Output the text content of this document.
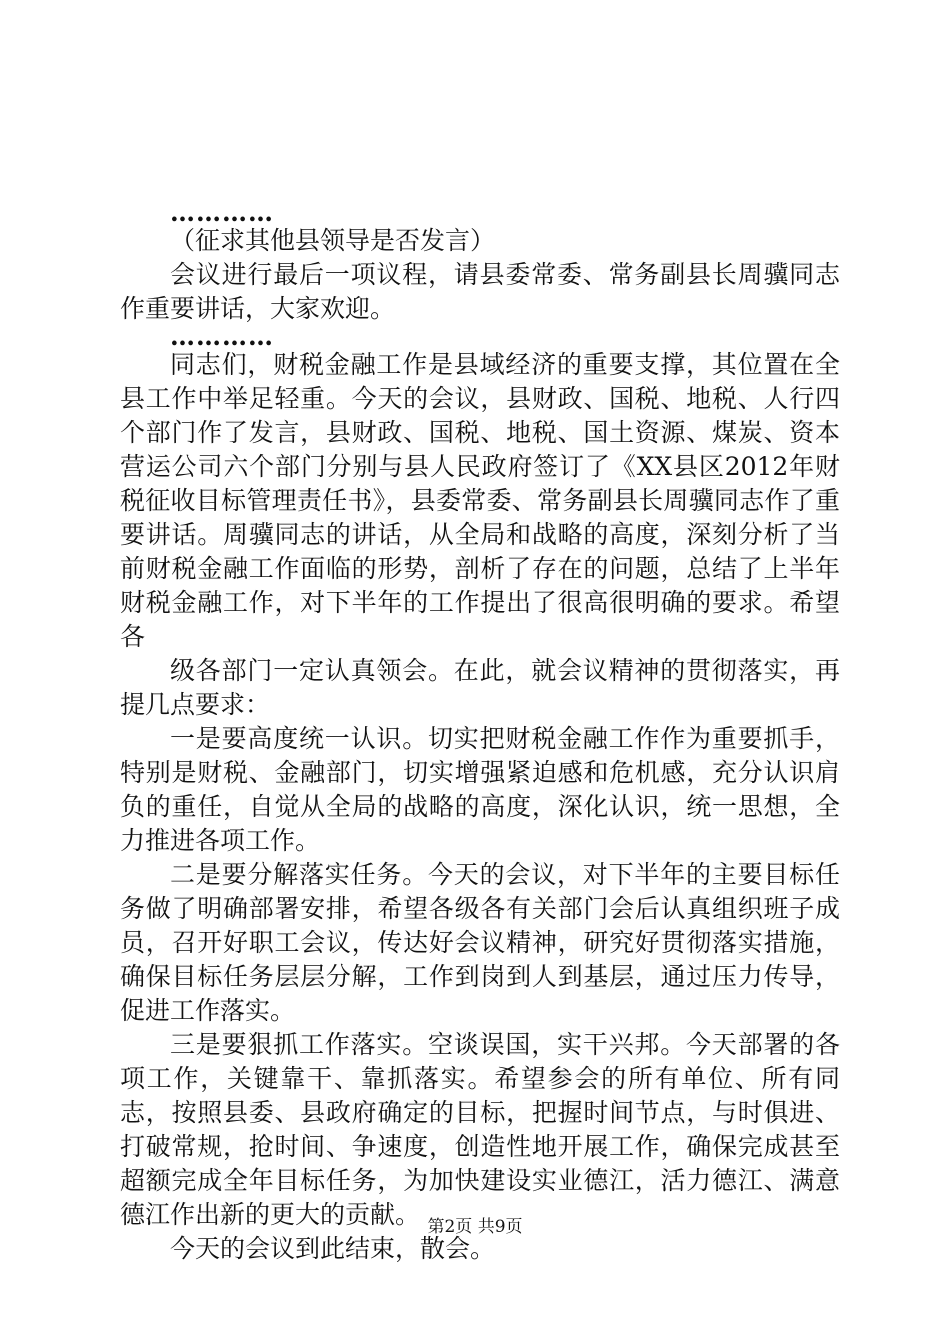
…………

（征求其他县领导是否发言）

会议进行最后一项议程，请县委常委、常务副县长周骥同志作重要讲话，大家欢迎。

…………

同志们，财税金融工作是县域经济的重要支撑，其位置在全县工作中举足轻重。今天的会议，县财政、国税、地税、人行四个部门作了发言，县财政、国税、地税、国土资源、煤炭、资本营运公司六个部门分别与县人民政府签订了《XX县区2012年财税征收目标管理责任书》，县委常委、常务副县长周骥同志作了重要讲话。周骥同志的讲话，从全局和战略的高度，深刻分析了当前财税金融工作面临的形势，剖析了存在的问题，总结了上半年财税金融工作，对下半年的工作提出了很高很明确的要求。希望各

级各部门一定认真领会。在此，就会议精神的贯彻落实，再提几点要求：

一是要高度统一认识。切实把财税金融工作作为重要抓手，特别是财税、金融部门，切实增强紧迫感和危机感，充分认识肩负的重任，自觉从全局的战略的高度，深化认识，统一思想，全力推进各项工作。

二是要分解落实任务。今天的会议，对下半年的主要目标任务做了明确部署安排，希望各级各有关部门会后认真组织班子成员，召开好职工会议，传达好会议精神，研究好贯彻落实措施，确保目标任务层层分解，工作到岗到人到基层，通过压力传导，促进工作落实。

三是要狠抓工作落实。空谈误国，实干兴邦。今天部署的各项工作，关键靠干、靠抓落实。希望参会的所有单位、所有同志，按照县委、县政府确定的目标，把握时间节点，与时俱进、打破常规，抢时间、争速度，创造性地开展工作，确保完成甚至超额完成全年目标任务，为加快建设实业德江，活力德江、满意德江作出新的更大的贡献。

今天的会议到此结束，散会。

第2页 共9页
